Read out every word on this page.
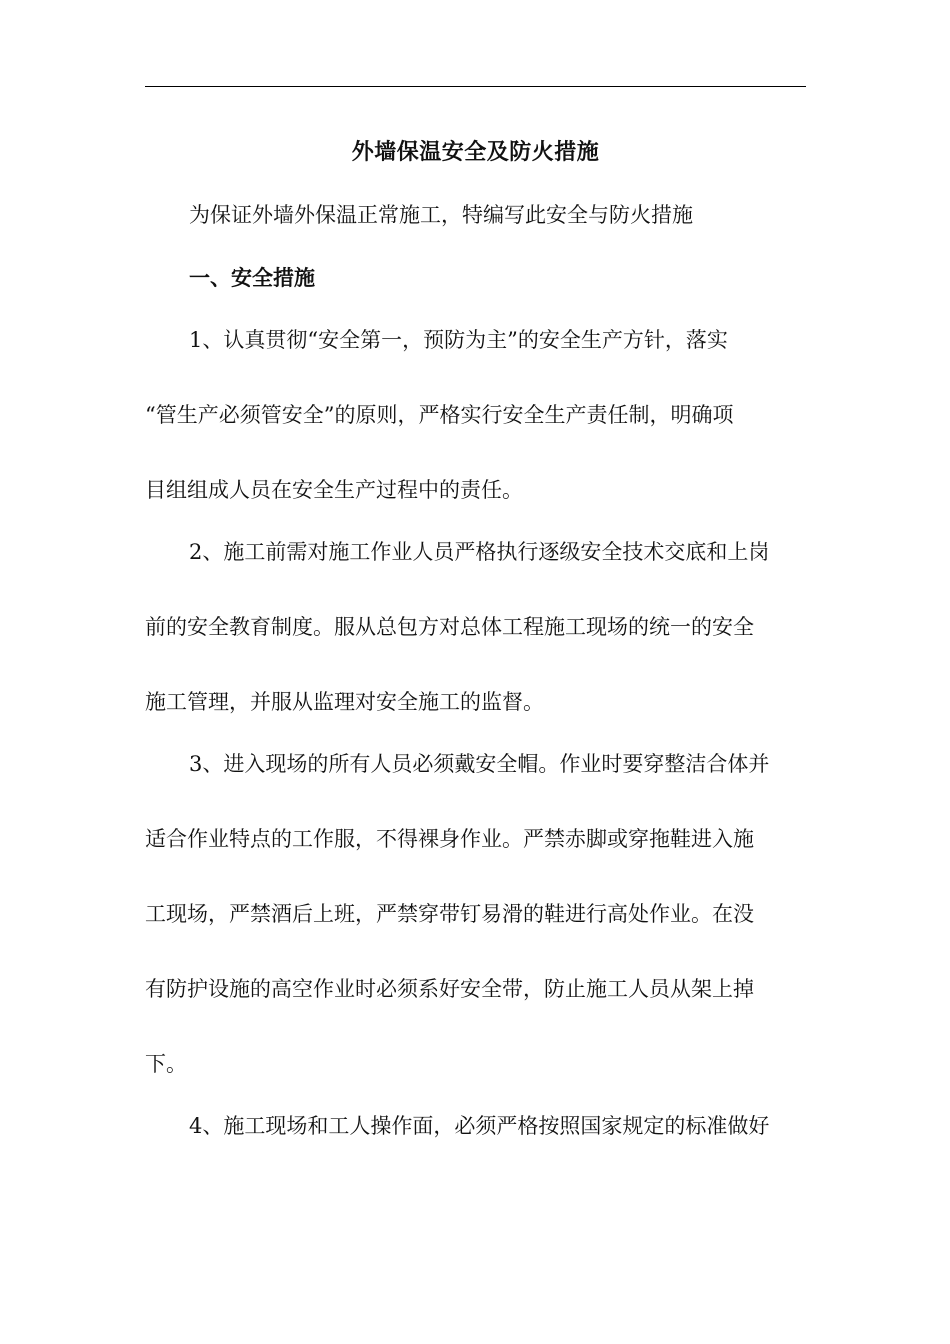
外墙保温安全及防火措施
为保证外墙外保温正常施工，特编写此安全与防火措施
一、安全措施
1、认真贯彻“安全第一，预防为主”的安全生产方针，落实
“管生产必须管安全”的原则，严格实行安全生产责任制，明确项
目组组成人员在安全生产过程中的责任。
2、施工前需对施工作业人员严格执行逐级安全技术交底和上岗
前的安全教育制度。服从总包方对总体工程施工现场的统一的安全
施工管理，并服从监理对安全施工的监督。
3、进入现场的所有人员必须戴安全帽。作业时要穿整洁合体并
适合作业特点的工作服，不得裸身作业。严禁赤脚或穿拖鞋进入施
工现场，严禁酒后上班，严禁穿带钉易滑的鞋进行高处作业。在没
有防护设施的高空作业时必须系好安全带，防止施工人员从架上掉
下。
4、施工现场和工人操作面，必须严格按照国家规定的标准做好
